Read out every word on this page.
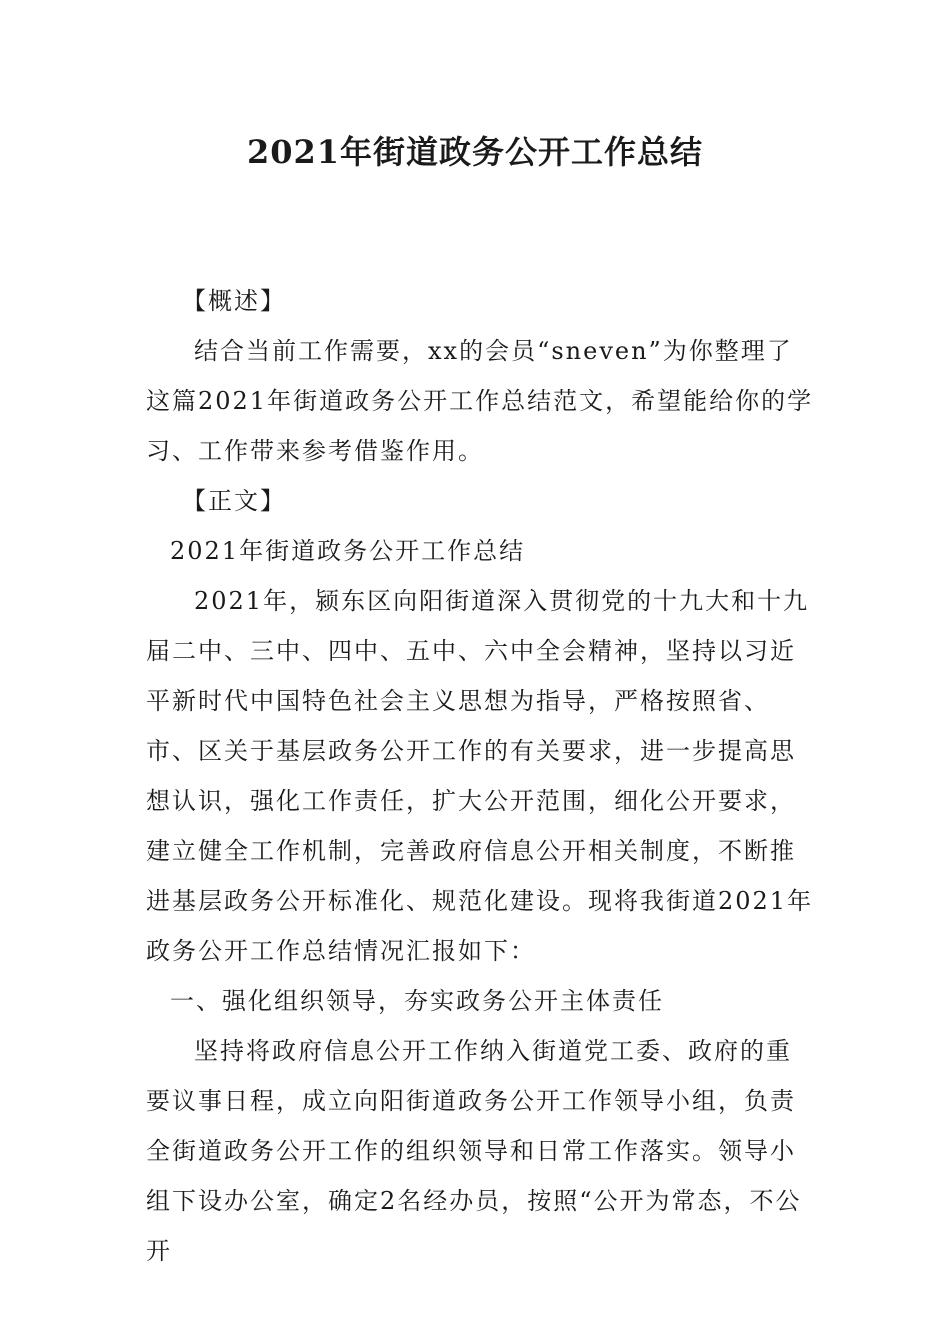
2021年街道政务公开工作总结

【概述】

结合当前工作需要，xx的会员“sneven”为你整理了这篇2021年街道政务公开工作总结范文，希望能给你的学习、工作带来参考借鉴作用。

【正文】

2021年街道政务公开工作总结

2021年，颍东区向阳街道深入贯彻党的十九大和十九届二中、三中、四中、五中、六中全会精神，坚持以习近平新时代中国特色社会主义思想为指导，严格按照省、市、区关于基层政务公开工作的有关要求，进一步提高思想认识，强化工作责任，扩大公开范围，细化公开要求，建立健全工作机制，完善政府信息公开相关制度，不断推进基层政务公开标准化、规范化建设。现将我街道2021年政务公开工作总结情况汇报如下：

一、强化组织领导，夯实政务公开主体责任

坚持将政府信息公开工作纳入街道党工委、政府的重要议事日程，成立向阳街道政务公开工作领导小组，负责全街道政务公开工作的组织领导和日常工作落实。领导小组下设办公室，确定2名经办员，按照“公开为常态，不公开
